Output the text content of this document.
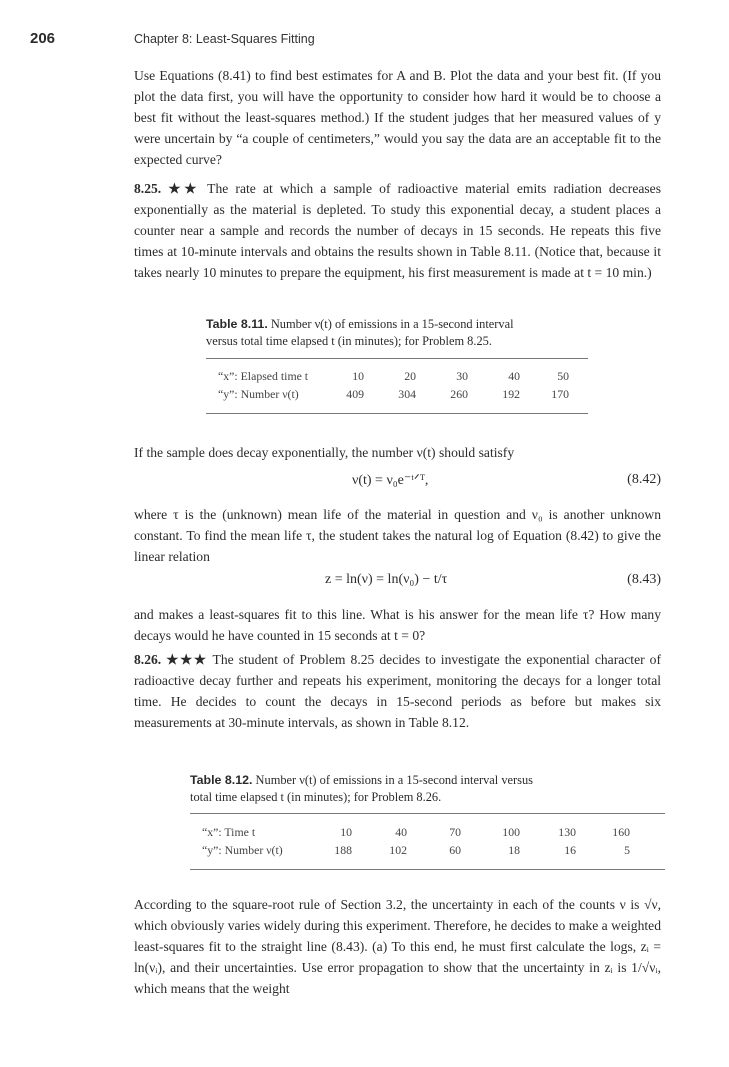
206	Chapter 8: Least-Squares Fitting

Use Equations (8.41) to find best estimates for A and B. Plot the data and your best fit. (If you plot the data first, you will have the opportunity to consider how hard it would be to choose a best fit without the least-squares method.) If the student judges that her measured values of y were uncertain by “a couple of centimeters,” would you say the data are an acceptable fit to the expected curve?

8.25. ★★ The rate at which a sample of radioactive material emits radiation decreases exponentially as the material is depleted. To study this exponential decay, a student places a counter near a sample and records the number of decays in 15 seconds. He repeats this five times at 10-minute intervals and obtains the results shown in Table 8.11. (Notice that, because it takes nearly 10 minutes to prepare the equipment, his first measurement is made at t = 10 min.)

Table 8.11. Number ν(t) of emissions in a 15-second interval
versus total time elapsed t (in minutes); for Problem 8.25.
“x”: Elapsed time t	10	20	30	40	50
“y”: Number ν(t)	409	304	260	192	170

If the sample does decay exponentially, the number ν(t) should satisfy

ν(t) = ν₀e⁻ᵗᐟᵀ,	(8.42)

where τ is the (unknown) mean life of the material in question and ν₀ is another unknown constant. To find the mean life τ, the student takes the natural log of Equation (8.42) to give the linear relation

z = ln(ν) = ln(ν₀) − t/τ	(8.43)

and makes a least-squares fit to this line. What is his answer for the mean life τ? How many decays would he have counted in 15 seconds at t = 0?

8.26. ★★★ The student of Problem 8.25 decides to investigate the exponential character of radioactive decay further and repeats his experiment, monitoring the decays for a longer total time. He decides to count the decays in 15-second periods as before but makes six measurements at 30-minute intervals, as shown in Table 8.12.

Table 8.12. Number ν(t) of emissions in a 15-second interval versus
total time elapsed t (in minutes); for Problem 8.26.
“x”: Time t	10	40	70	100	130	160
“y”: Number ν(t)	188	102	60	18	16	5

According to the square-root rule of Section 3.2, the uncertainty in each of the counts ν is √ν, which obviously varies widely during this experiment. Therefore, he decides to make a weighted least-squares fit to the straight line (8.43). (a) To this end, he must first calculate the logs, zᵢ = ln(νᵢ), and their uncertainties. Use error propagation to show that the uncertainty in zᵢ is 1/√νᵢ, which means that the weight
